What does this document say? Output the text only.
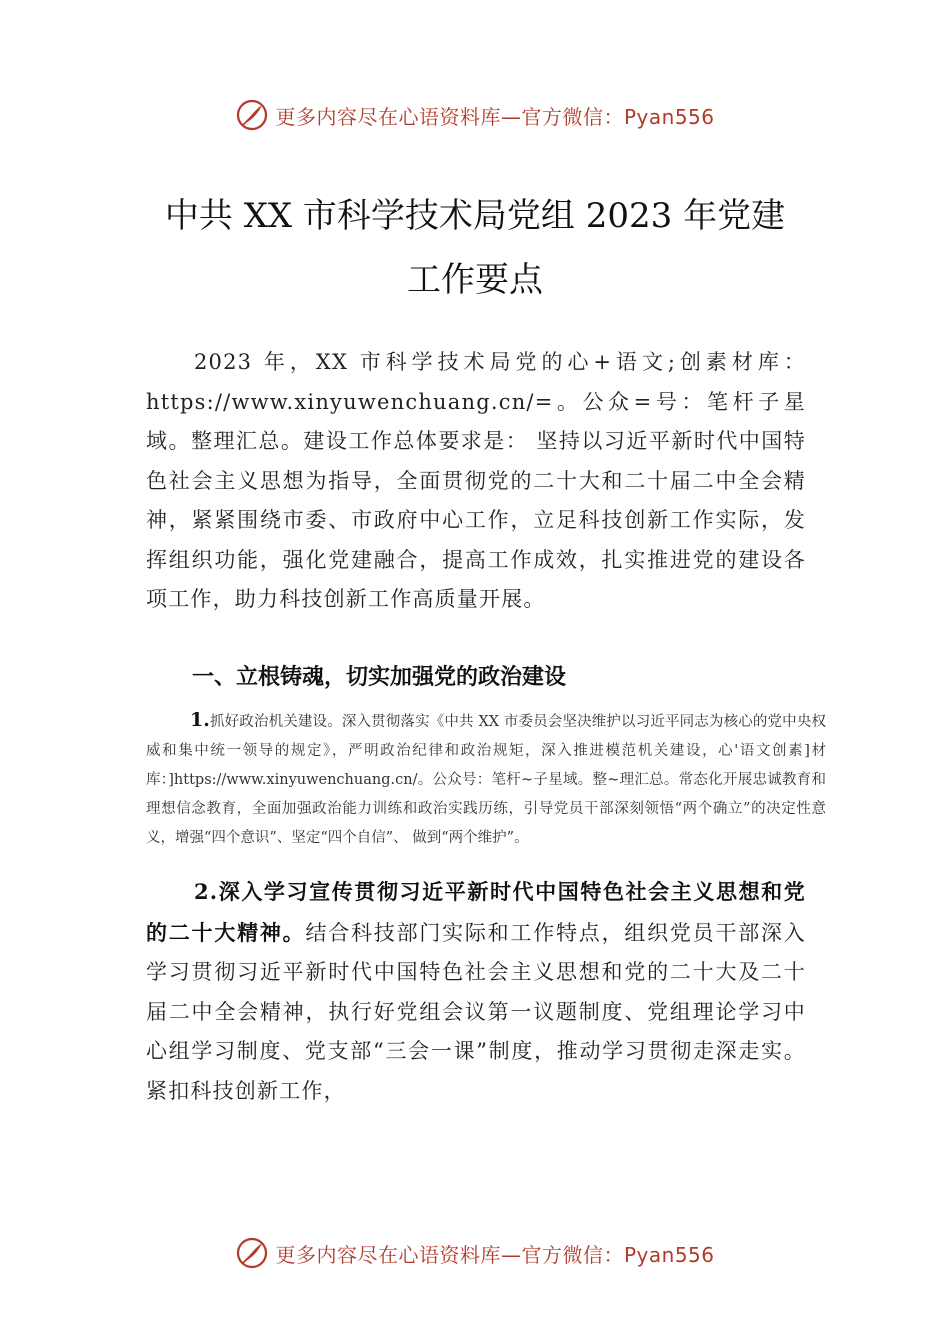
更多内容尽在心语资料库—官方微信：Pyan556
中共 XX 市科学技术局党组 2023 年党建
工作要点

2023 年，XX 市科学技术局党的心+语文;创素材库：https://www.xinyuwenchuang.cn/=。公众=号：笔杆子星域。整理汇总。建设工作总体要求是： 坚持以习近平新时代中国特色社会主义思想为指导，全面贯彻党的二十大和二十届二中全会精神，紧紧围绕市委、市政府中心工作，立足科技创新工作实际，发挥组织功能，强化党建融合，提高工作成效，扎实推进党的建设各项工作，助力科技创新工作高质量开展。

一、立根铸魂，切实加强党的政治建设

1.抓好政治机关建设。深入贯彻落实《中共 XX 市委员会坚决维护以习近平同志为核心的党中央权威和集中统一领导的规定》，严明政治纪律和政治规矩，深入推进模范机关建设，心'语文创素]材库：]https://www.xinyuwenchuang.cn/。公众号：笔杆~子星域。整~理汇总。常态化开展忠诚教育和理想信念教育，全面加强政治能力训练和政治实践历练，引导党员干部深刻领悟“两个确立”的决定性意义，增强“四个意识”、坚定“四个自信”、 做到“两个维护”。

2.深入学习宣传贯彻习近平新时代中国特色社会主义思想和党的二十大精神。结合科技部门实际和工作特点，组织党员干部深入学习贯彻习近平新时代中国特色社会主义思想和党的二十大及二十届二中全会精神，执行好党组会议第一议题制度、党组理论学习中心组学习制度、党支部“三会一课”制度，推动学习贯彻走深走实。紧扣科技创新工作，

更多内容尽在心语资料库—官方微信：Pyan556
